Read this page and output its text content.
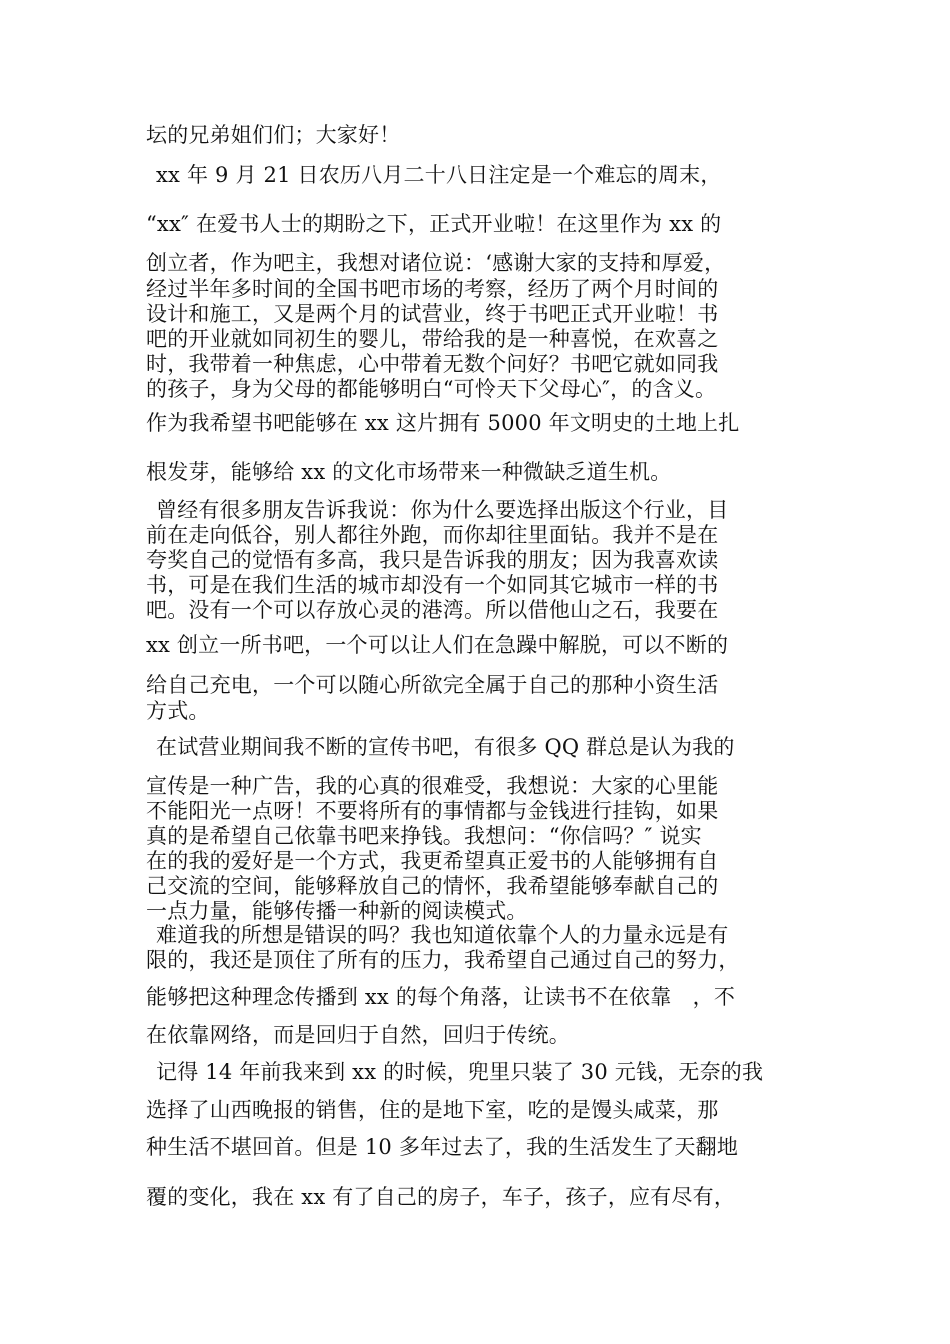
坛的兄弟姐们们；大家好！
xx 年 9 月 21 日农历八月二十八日注定是一个难忘的周末，
“xx″ 在爱书人士的期盼之下，正式开业啦！在这里作为 xx 的
创立者，作为吧主，我想对诸位说：‘感谢大家的支持和厚爱，
经过半年多时间的全国书吧市场的考察，经历了两个月时间的
设计和施工，又是两个月的试营业，终于书吧正式开业啦！书
吧的开业就如同初生的婴儿，带给我的是一种喜悦，在欢喜之
时，我带着一种焦虑，心中带着无数个问好？书吧它就如同我
的孩子，身为父母的都能够明白“可怜天下父母心″，的含义。
作为我希望书吧能够在 xx 这片拥有 5000 年文明史的土地上扎
根发芽，能够给 xx 的文化市场带来一种微缺乏道生机。
曾经有很多朋友告诉我说：你为什么要选择出版这个行业，目
前在走向低谷，别人都往外跑，而你却往里面钻。我并不是在
夸奖自己的觉悟有多高，我只是告诉我的朋友；因为我喜欢读
书，可是在我们生活的城市却没有一个如同其它城市一样的书
吧。没有一个可以存放心灵的港湾。所以借他山之石，我要在
xx 创立一所书吧，一个可以让人们在急躁中解脱，可以不断的
给自己充电，一个可以随心所欲完全属于自己的那种小资生活
方式。
在试营业期间我不断的宣传书吧，有很多 QQ 群总是认为我的
宣传是一种广告，我的心真的很难受，我想说：大家的心里能
不能阳光一点呀！不要将所有的事情都与金钱进行挂钩，如果
真的是希望自己依靠书吧来挣钱。我想问：“你信吗？″ 说实
在的我的爱好是一个方式，我更希望真正爱书的人能够拥有自
己交流的空间，能够释放自己的情怀，我希望能够奉献自己的
一点力量，能够传播一种新的阅读模式。
难道我的所想是错误的吗？我也知道依靠个人的力量永远是有
限的，我还是顶住了所有的压力，我希望自己通过自己的努力，
能够把这种理念传播到 xx 的每个角落，让读书不在依靠　，不
在依靠网络，而是回归于自然，回归于传统。
记得 14 年前我来到 xx 的时候，兜里只装了 30 元钱，无奈的我
选择了山西晚报的销售，住的是地下室，吃的是馒头咸菜，那
种生活不堪回首。但是 10 多年过去了，我的生活发生了天翻地
覆的变化，我在 xx 有了自己的房子，车子，孩子，应有尽有，
